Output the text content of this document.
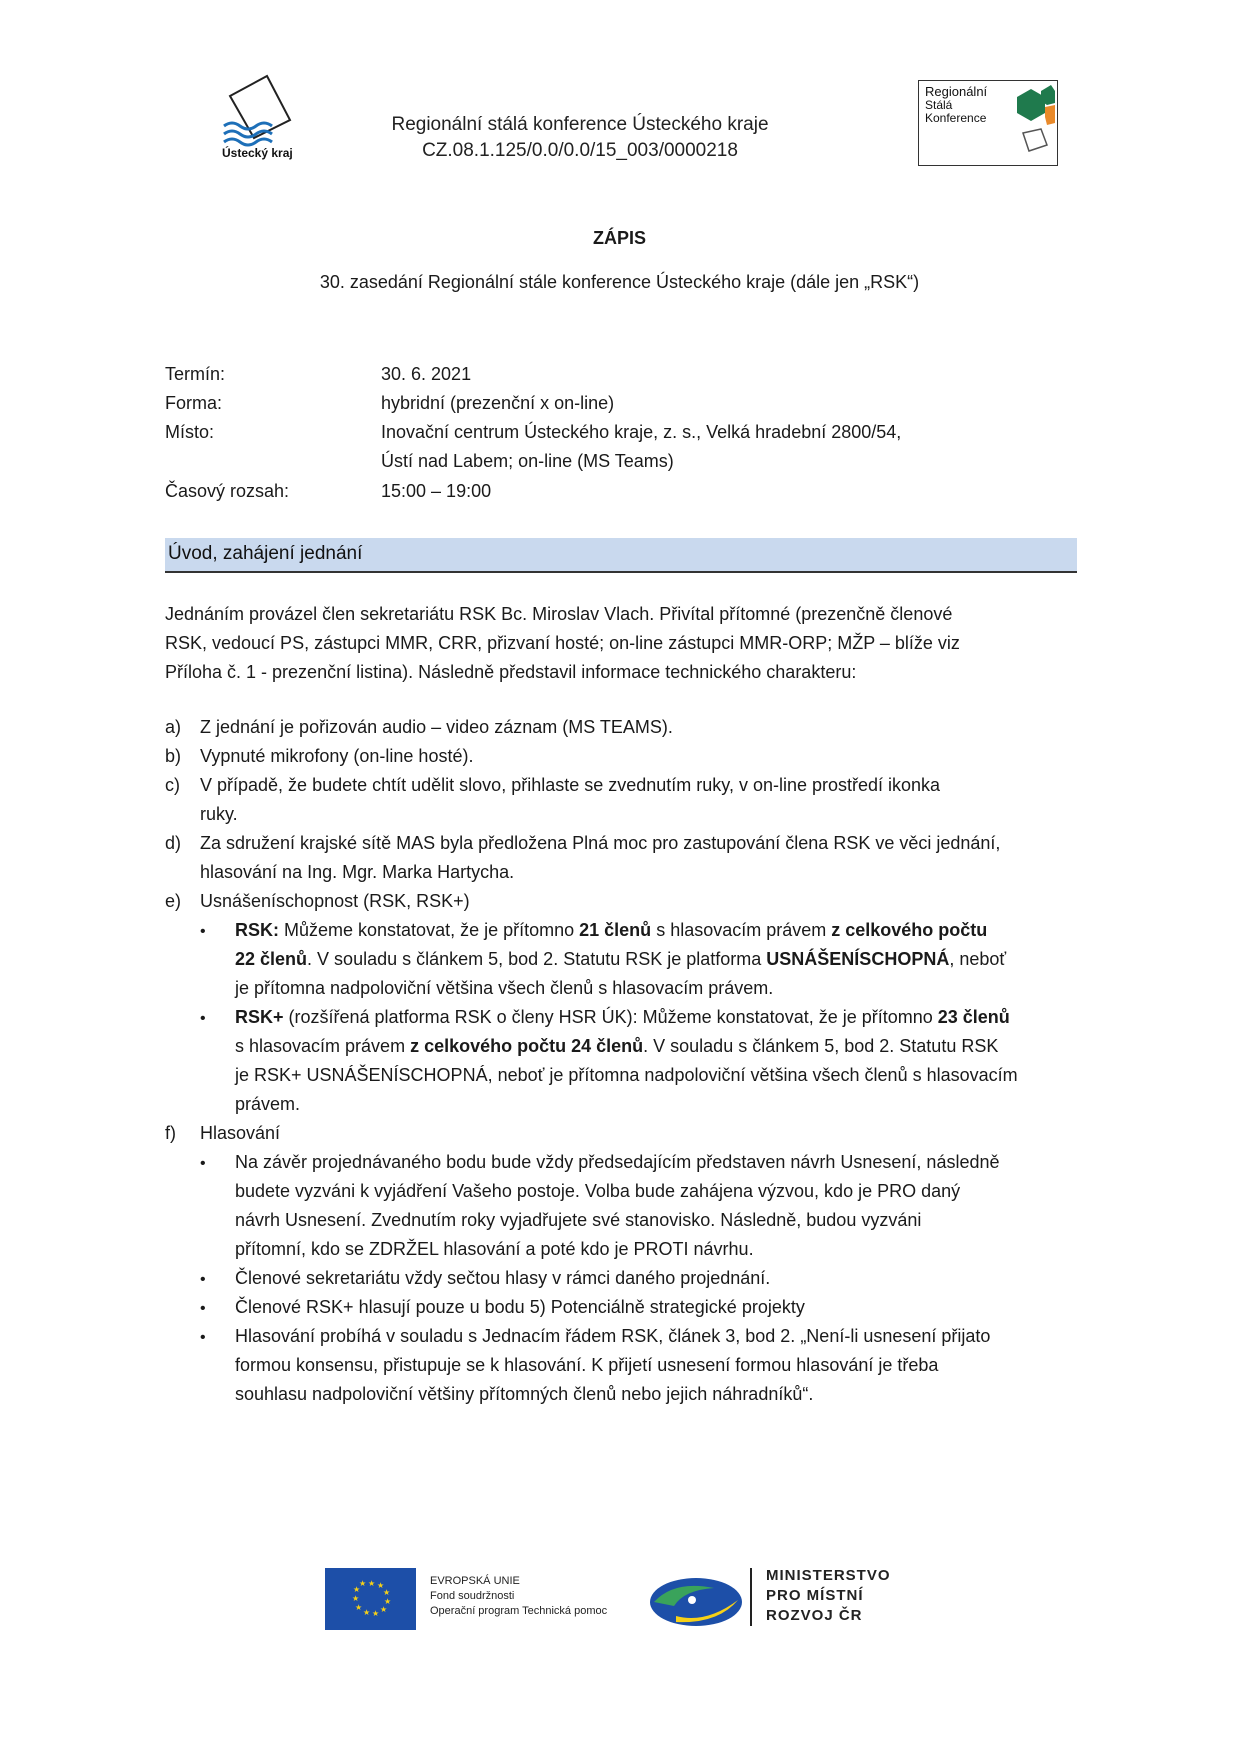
Ústecký kraj
Regionální stálá konference Ústeckého kraje
CZ.08.1.125/0.0/0.0/15_003/0000218
Regionální
Stálá
Konference
ZÁPIS
30. zasedání Regionální stále konference Ústeckého kraje (dále jen „RSK“)
Termín:	30. 6. 2021
Forma:	hybridní (prezenční x on-line)
Místo:	Inovační centrum Ústeckého kraje, z. s., Velká hradební 2800/54,
Ústí nad Labem; on-line (MS Teams)
Časový rozsah:	15:00 – 19:00
Úvod, zahájení jednání
Jednáním provázel člen sekretariátu RSK Bc. Miroslav Vlach. Přivítal přítomné (prezenčně členové
RSK, vedoucí PS, zástupci MMR, CRR, přizvaní hosté; on-line zástupci MMR-ORP; MŽP – blíže viz
Příloha č. 1 - prezenční listina). Následně představil informace technického charakteru:
a) Z jednání je pořizován audio – video záznam (MS TEAMS).
b) Vypnuté mikrofony (on-line hosté).
c) V případě, že budete chtít udělit slovo, přihlaste se zvednutím ruky, v on-line prostředí ikonka
ruky.
d) Za sdružení krajské sítě MAS byla předložena Plná moc pro zastupování člena RSK ve věci jednání,
hlasování na Ing. Mgr. Marka Hartycha.
e) Usnášeníschopnost (RSK, RSK+)
• RSK: Můžeme konstatovat, že je přítomno 21 členů s hlasovacím právem z celkového počtu
22 členů. V souladu s článkem 5, bod 2. Statutu RSK je platforma USNÁŠENÍSCHOPNÁ, neboť
je přítomna nadpoloviční většina všech členů s hlasovacím právem.
• RSK+ (rozšířená platforma RSK o členy HSR ÚK): Můžeme konstatovat, že je přítomno 23 členů
s hlasovacím právem z celkového počtu 24 členů. V souladu s článkem 5, bod 2. Statutu RSK
je RSK+ USNÁŠENÍSCHOPNÁ, neboť je přítomna nadpoloviční většina všech členů s hlasovacím
právem.
f) Hlasování
• Na závěr projednávaného bodu bude vždy předsedajícím představen návrh Usnesení, následně
budete vyzváni k vyjádření Vašeho postoje. Volba bude zahájena výzvou, kdo je PRO daný
návrh Usnesení. Zvednutím roky vyjadřujete své stanovisko. Následně, budou vyzváni
přítomní, kdo se ZDRŽEL hlasování a poté kdo je PROTI návrhu.
• Členové sekretariátu vždy sečtou hlasy v rámci daného projednání.
• Členové RSK+ hlasují pouze u bodu 5) Potenciálně strategické projekty
• Hlasování probíhá v souladu s Jednacím řádem RSK, článek 3, bod 2. „Není-li usnesení přijato
formou konsensu, přistupuje se k hlasování. K přijetí usnesení formou hlasování je třeba
souhlasu nadpoloviční většiny přítomných členů nebo jejich náhradníků“.
★ ★
★
★
★
★
★
★
★
★
★	EVROPSKÁ UNIE
Fond soudržnosti
Operační program Technická pomoc
MINISTERSTVO
PRO MÍSTNÍ
ROZVOJ ČR
